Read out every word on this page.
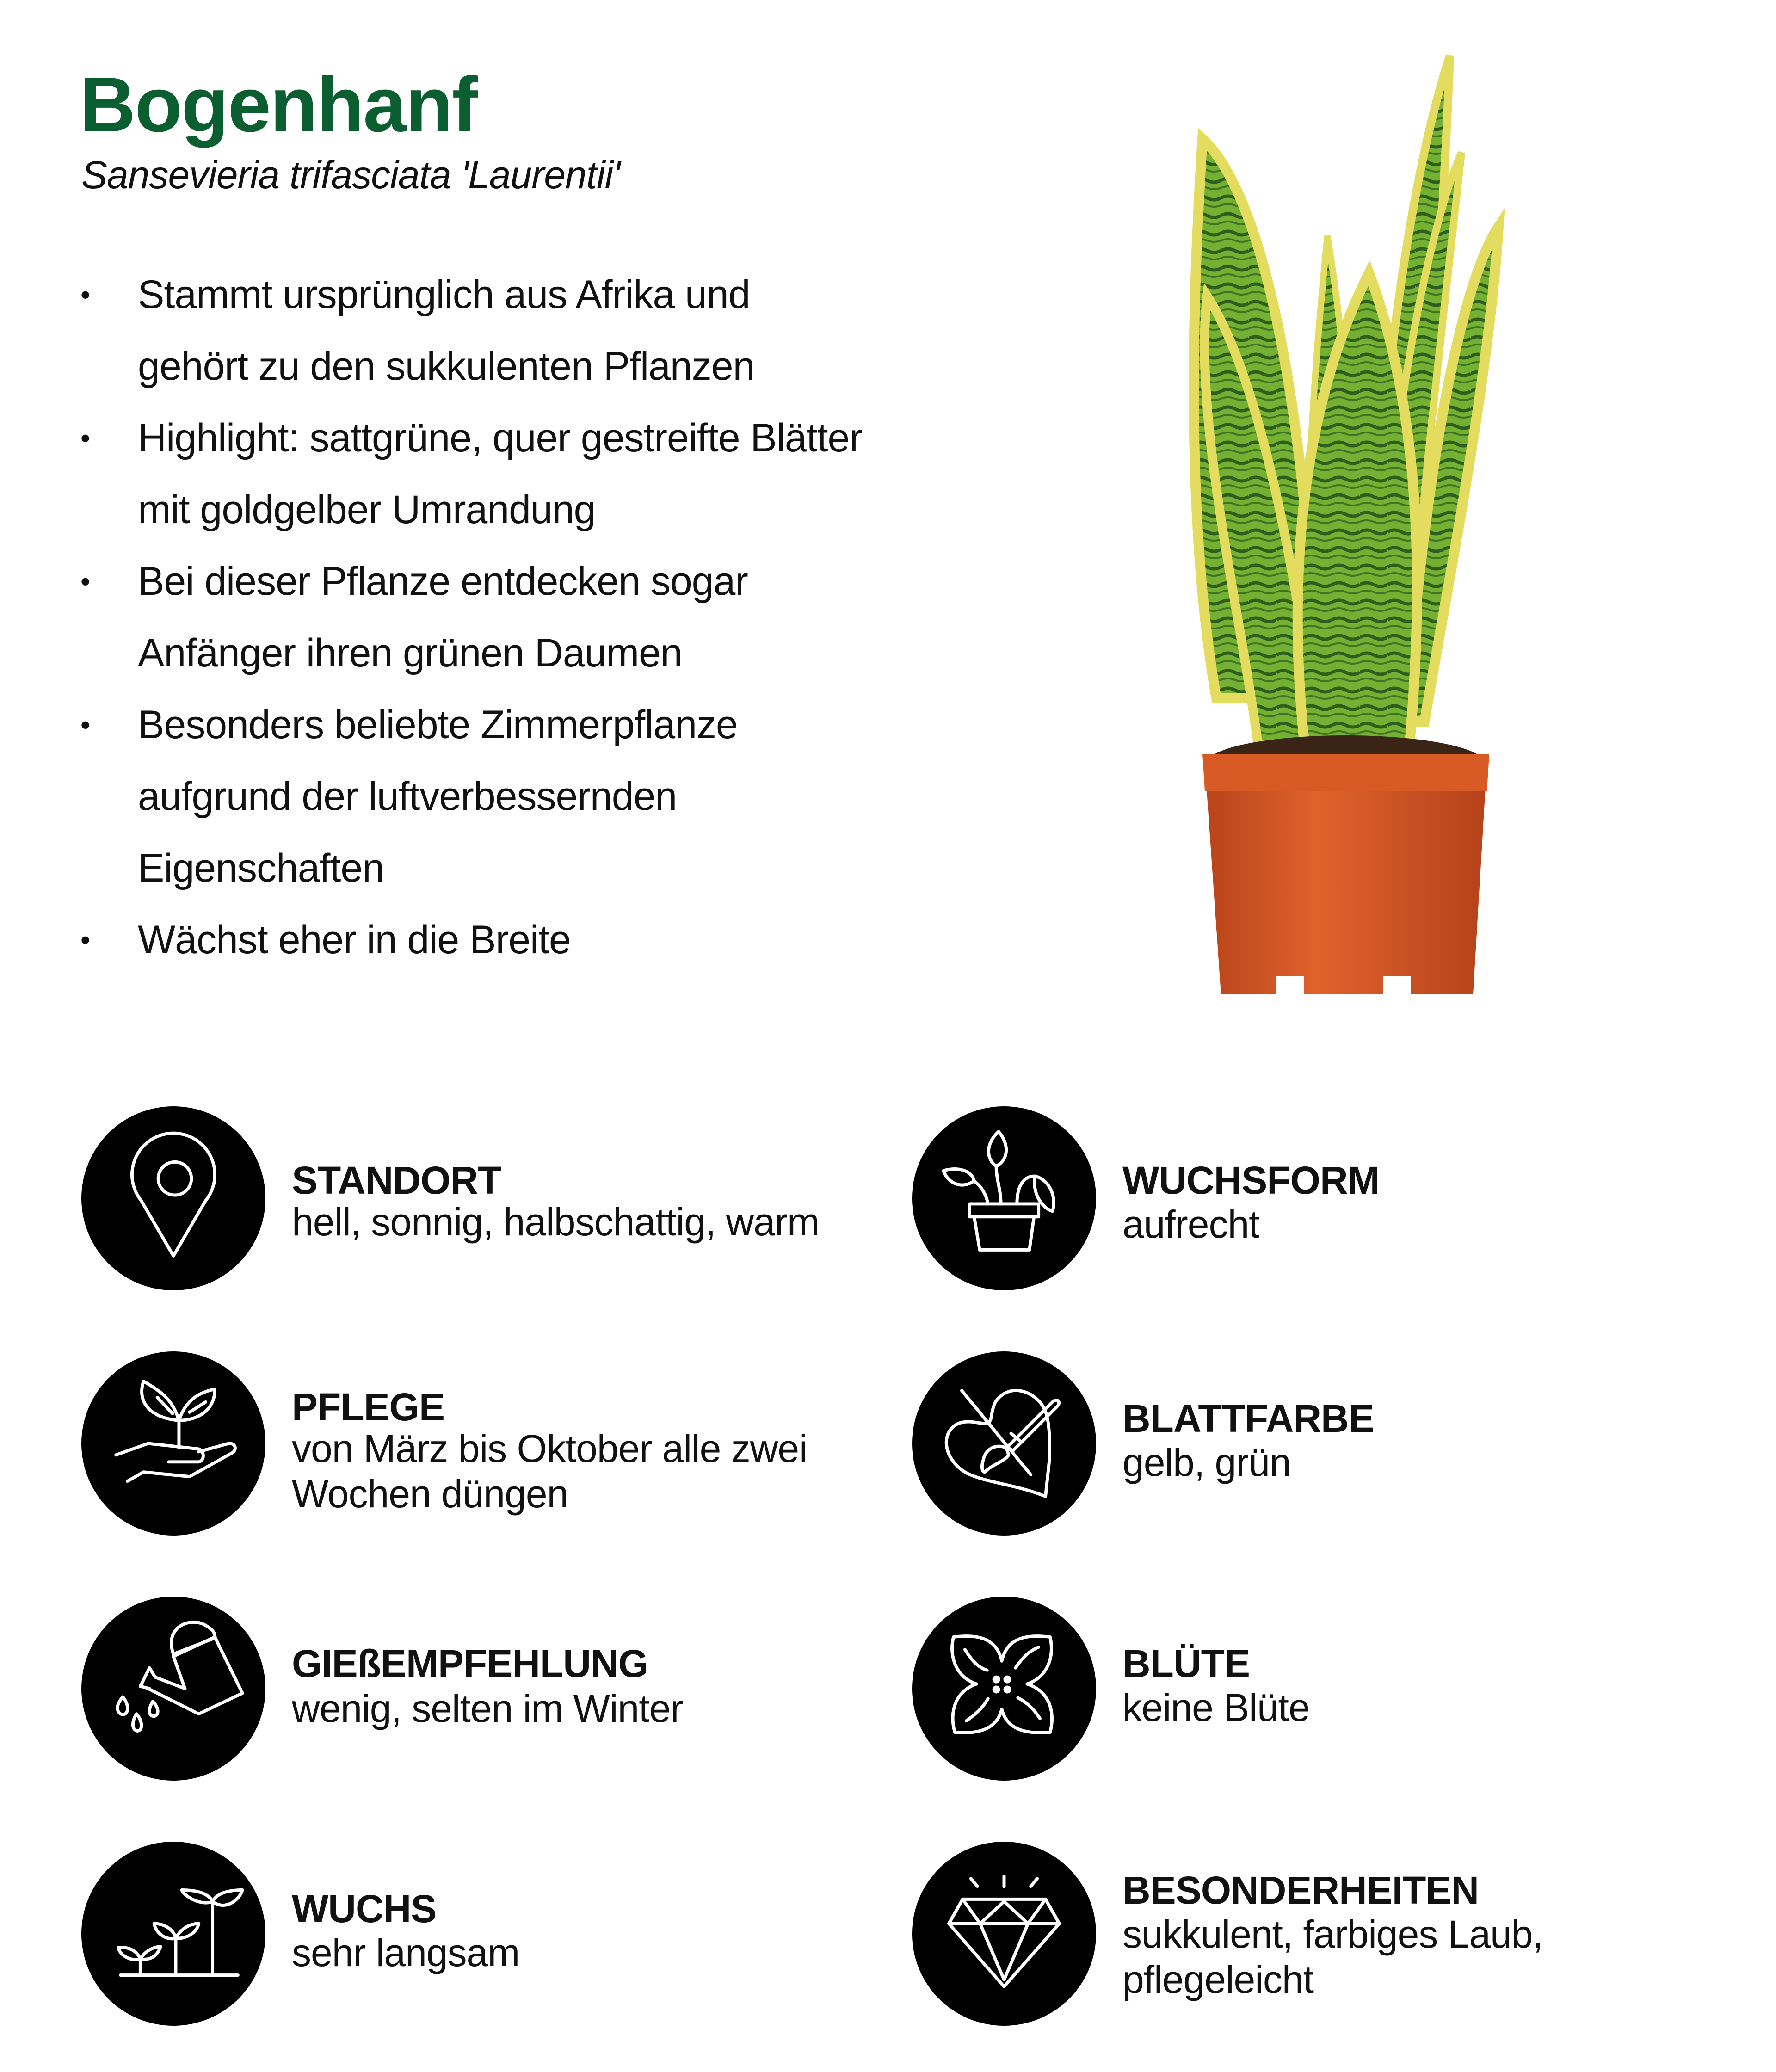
Bogenhanf

Sansevieria trifasciata 'Laurentii'

• Stammt ursprünglich aus Afrika und
gehört zu den sukkulenten Pflanzen
• Highlight: sattgrüne, quer gestreifte Blätter
mit goldgelber Umrandung
• Bei dieser Pflanze entdecken sogar
Anfänger ihren grünen Daumen
• Besonders beliebte Zimmerpflanze
aufgrund der luftverbessernden
Eigenschaften
• Wächst eher in die Breite
STANDORT
hell, sonnig, halbschattig, warm
WUCHSFORM
aufrecht
PFLEGE
von März bis Oktober alle zwei
Wochen düngen
BLATTFARBE
gelb, grün
GIEßEMPFEHLUNG
wenig, selten im Winter
BLÜTE
keine Blüte
WUCHS
sehr langsam
BESONDERHEITEN
sukkulent, farbiges Laub,
pflegeleicht
